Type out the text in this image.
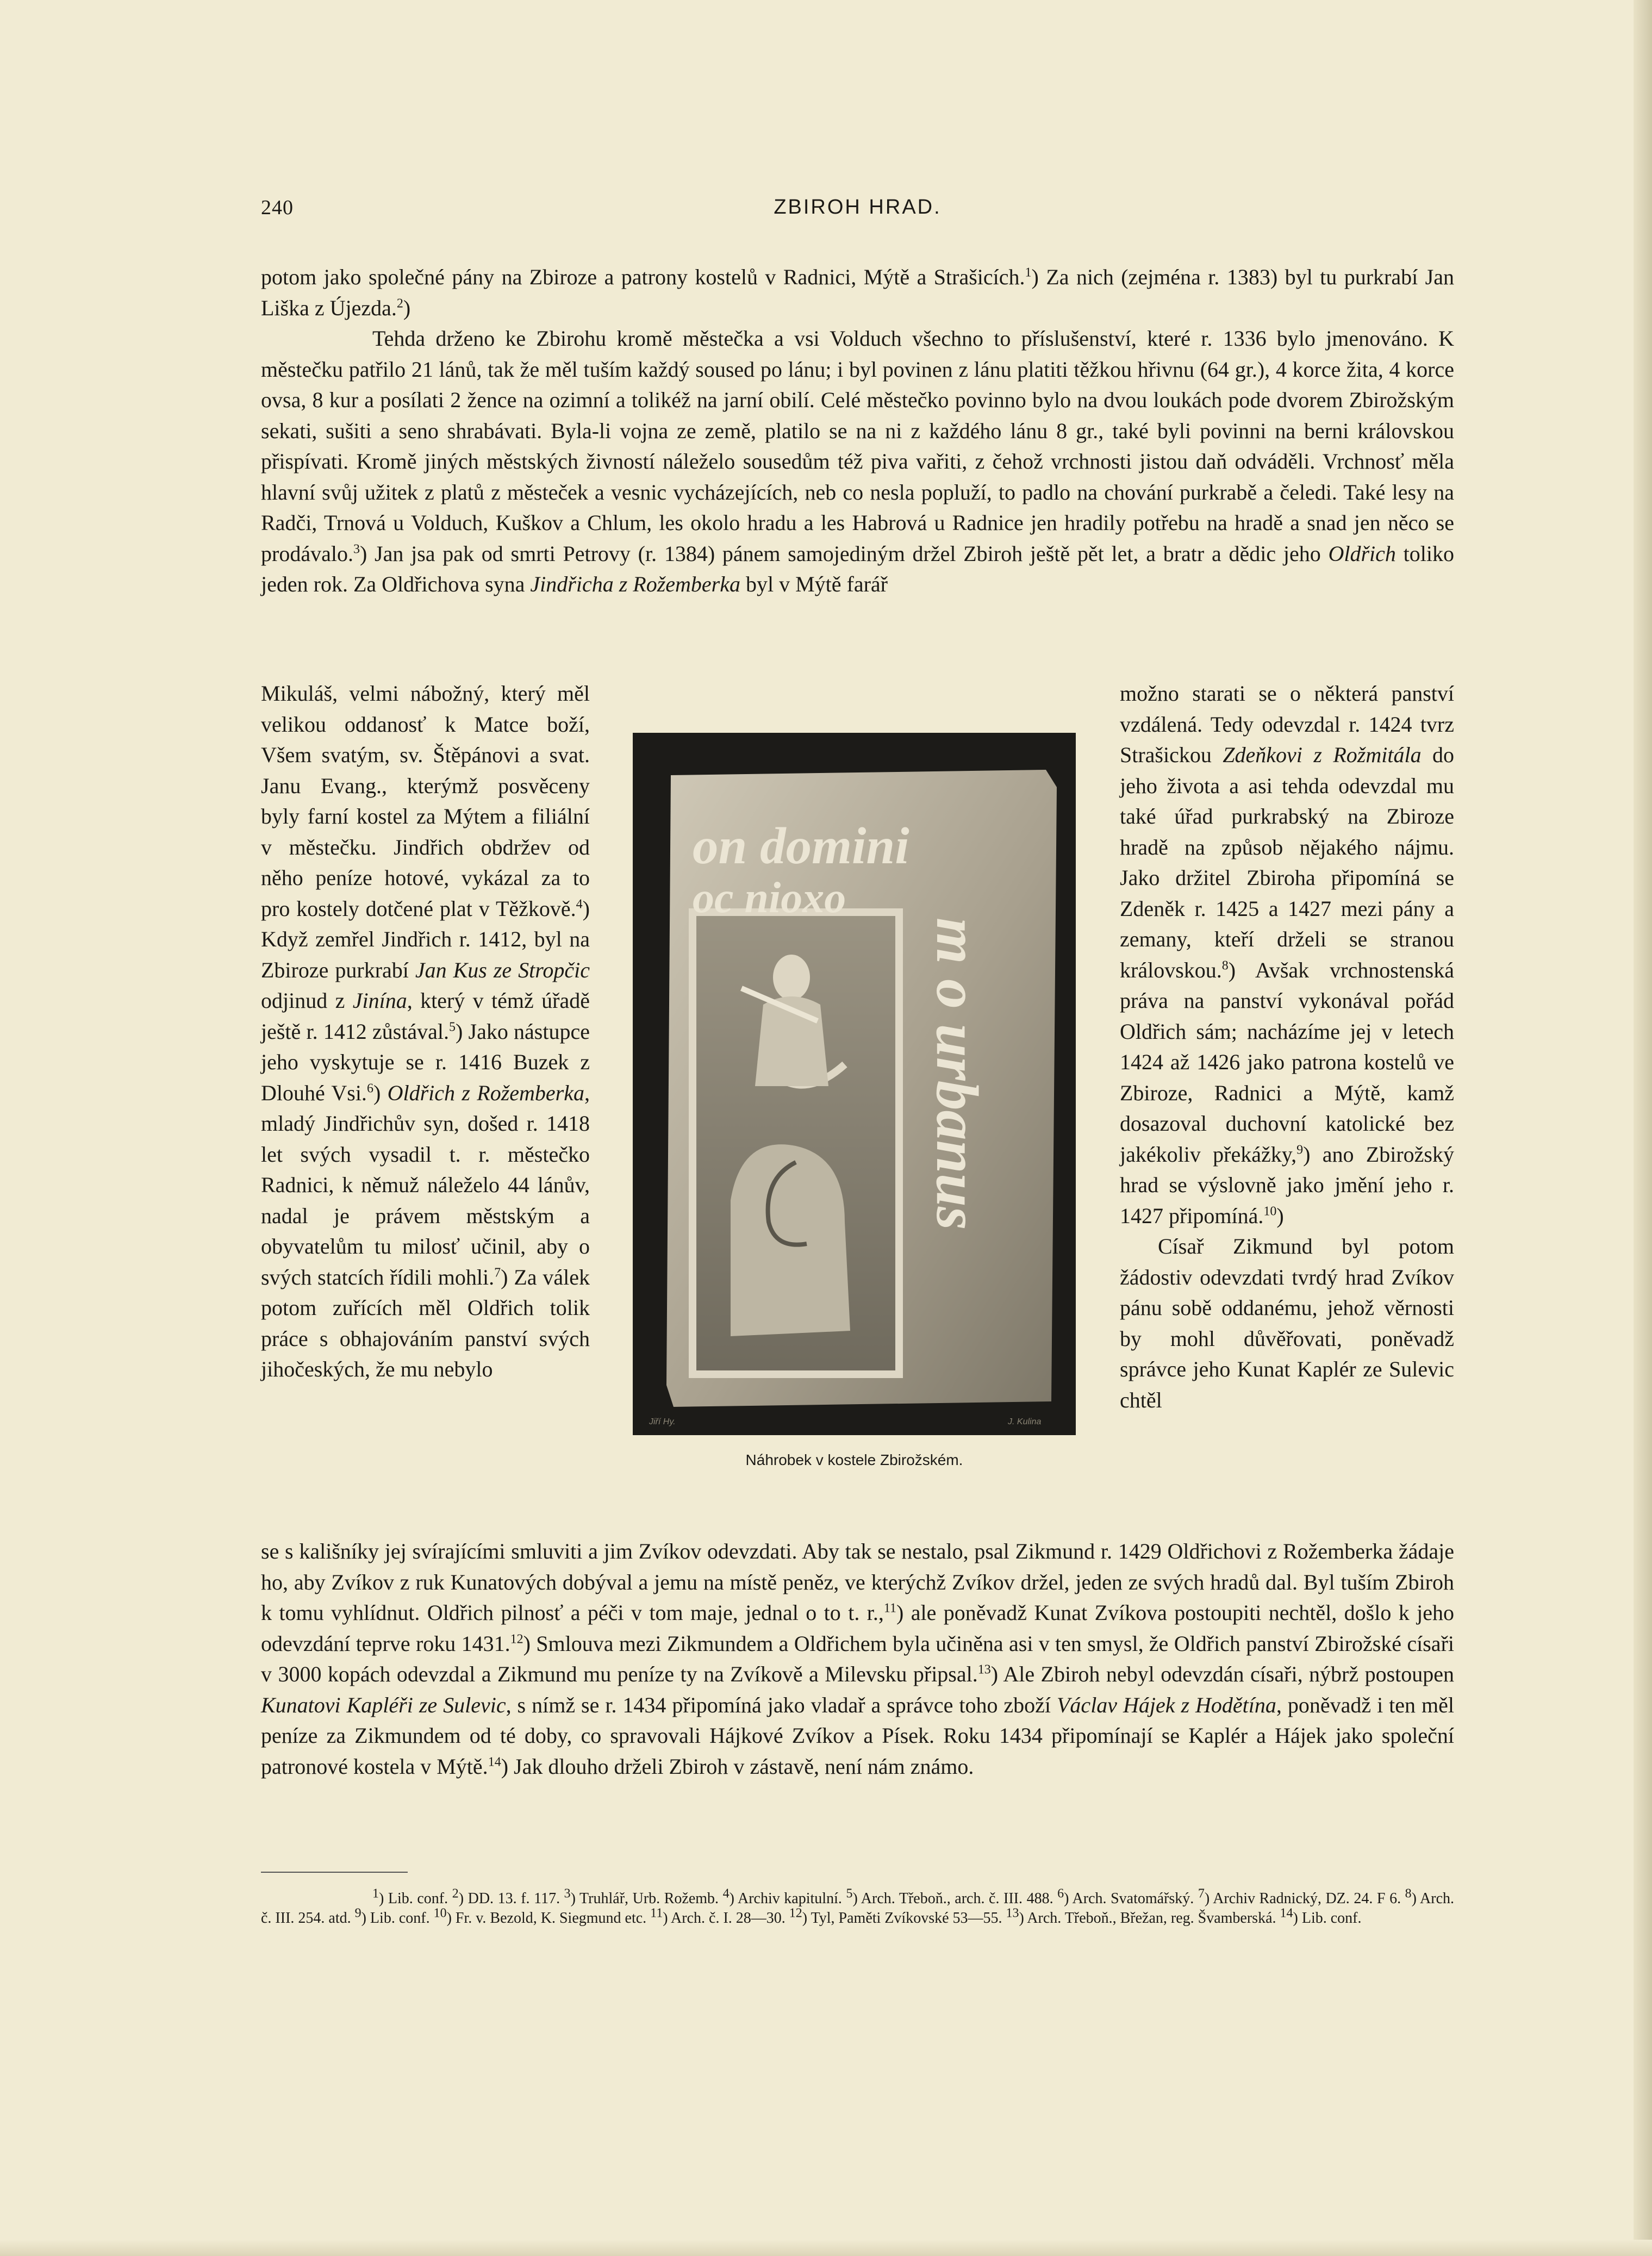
240	ZBIROH HRAD.

potom jako společné pány na Zbiroze a patrony kostelů v Radnici, Mýtě a Strašicích.$^1$) Za nich (zejména r. 1383) byl tu purkrabí Jan Liška z Újezda.$^2$)

Tehda drženo ke Zbirohu kromě městečka a vsi Volduch všechno to příslušenství, které r. 1336 bylo jmenováno. K městečku patřilo 21 lánů, tak že měl tuším každý soused po lánu; i byl povinen z lánu platiti těžkou hřivnu (64 gr.), 4 korce žita, 4 korce ovsa, 8 kur a posílati 2 žence na ozimní a tolikéž na jarní obilí. Celé městečko povinno bylo na dvou loukách pode dvorem Zbirožským sekati, sušiti a seno shrabávati. Byla-li vojna ze země, platilo se na ni z každého lánu 8 gr., také byli povinni na berni královskou přispívati. Kromě jiných městských živností náleželo sousedům též piva vařiti, z čehož vrchnosti jistou daň odváděli. Vrchnosť měla hlavní svůj užitek z platů z městeček a vesnic vycházejících, neb co nesla popluží, to padlo na chování purkrabě a čeledi. Také lesy na Radči, Trnová u Volduch, Kuškov a Chlum, les okolo hradu a les Habrová u Radnice jen hradily potřebu na hradě a snad jen něco se prodávalo.$^3$) Jan jsa pak od smrti Petrovy (r. 1384) pánem samojediným držel Zbiroh ještě pět let, a bratr a dědic jeho Oldřich toliko jeden rok. Za Oldřichova syna Jindřicha z Rožemberka byl v Mýtě farář

Mikuláš, velmi nábožný, který měl velikou oddanosť k Matce boží, Všem svatým, sv. Štěpánovi a svat. Janu Evang., kterýmž posvěceny byly farní kostel za Mýtem a filiální v městečku. Jindřich obdržev od něho peníze hotové, vykázal za to pro kostely dotčené plat v Těžkově.$^4$) Když zemřel Jindřich r. 1412, byl na Zbiroze purkrabí Jan Kus ze Stropčic odjinud z Jinína, který v témž úřadě ještě r. 1412 zůstával.$^5$) Jako nástupce jeho vyskytuje se r. 1416 Buzek z Dlouhé Vsi.$^6$) Oldřich z Rožemberka, mladý Jindřichův syn, došed r. 1418 let svých vysadil t. r. městečko Radnici, k němuž náleželo 44 lánův, nadal je právem městským a obyvatelům tu milosť učinil, aby o svých statcích řídili mohli.$^7$) Za válek potom zuřících měl Oldřich tolik práce s obhajováním panství svých jihočeských, že mu nebylo

možno starati se o některá panství vzdálená. Tedy odevzdal r. 1424 tvrz Strašickou Zdeňkovi z Rožmitála do jeho života a asi tehda odevzdal mu také úřad purkrabský na Zbiroze hradě na způsob nějakého nájmu. Jako držitel Zbiroha připomíná se Zdeněk r. 1425 a 1427 mezi pány a zemany, kteří drželi se stranou královskou.$^8$) Avšak vrchnostenská práva na panství vykonával pořád Oldřich sám; nacházíme jej v letech 1424 až 1426 jako patrona kostelů ve Zbiroze, Radnici a Mýtě, kamž dosazoval duchovní katolické bez jakékoliv překážky,$^9$) ano Zbirožský hrad se výslovně jako jmění jeho r. 1427 připomíná.$^{10}$)

Císař Zikmund byl potom žádostiv odevzdati tvrdý hrad Zvíkov pánu sobě oddanému, jehož věrnosti by mohl důvěřovati, poněvadž správce jeho Kunat Kaplér ze Sulevic chtěl

on domini
oc nioxo
m o urbanus
Jiří Hy.	J. Kulina
Náhrobek v kostele Zbirožském.

se s kališníky jej svírajícími smluviti a jim Zvíkov odevzdati. Aby tak se nestalo, psal Zikmund r. 1429 Oldřichovi z Rožemberka žádaje ho, aby Zvíkov z ruk Kunatových dobýval a jemu na místě peněz, ve kterýchž Zvíkov držel, jeden ze svých hradů dal. Byl tuším Zbiroh k tomu vyhlídnut. Oldřich pilnosť a péči v tom maje, jednal o to t. r.,$^{11}$) ale poněvadž Kunat Zvíkova postoupiti nechtěl, došlo k jeho odevzdání teprve roku 1431.12) Smlouva mezi Zikmundem a Oldřichem byla učiněna asi v ten smysl, že Oldřich panství Zbirožské císaři v 3000 kopách odevzdal a Zikmund mu peníze ty na Zvíkově a Milevsku připsal.$^{13}$) Ale Zbiroh nebyl odevzdán císaři, nýbrž postoupen Kunatovi Kapléři ze Sulevic, s nímž se r. 1434 připomíná jako vladař a správce toho zboží Václav Hájek z Hodětína, poněvadž i ten měl peníze za Zikmundem od té doby, co spravovali Hájkové Zvíkov a Písek. Roku 1434 připomínají se Kaplér a Hájek jako společní patronové kostela v Mýtě.$^{14}$) Jak dlouho drželi Zbiroh v zástavě, není nám známo.

$^1$) Lib. conf. $^2$) DD. 13. f. 117. $^3$) Truhlář, Urb. Rožemb. $^4$) Archiv kapitulní. $^5$) Arch. Třeboň., arch. č. III. 488. $^6$) Arch. Svatomářský. $^7$) Archiv Radnický, DZ. 24. F 6. $^8$) Arch. č. III. 254. atd. $^9$) Lib. conf. $^{10}$) Fr. v. Bezold, K. Siegmund etc. $^{11}$) Arch. č. I. 28—30. $^{12}$) Tyl, Paměti Zvíkovské 53—55. $^{13}$) Arch. Třeboň., Břežan, reg. Švamberská. $^{14}$) Lib. conf.
